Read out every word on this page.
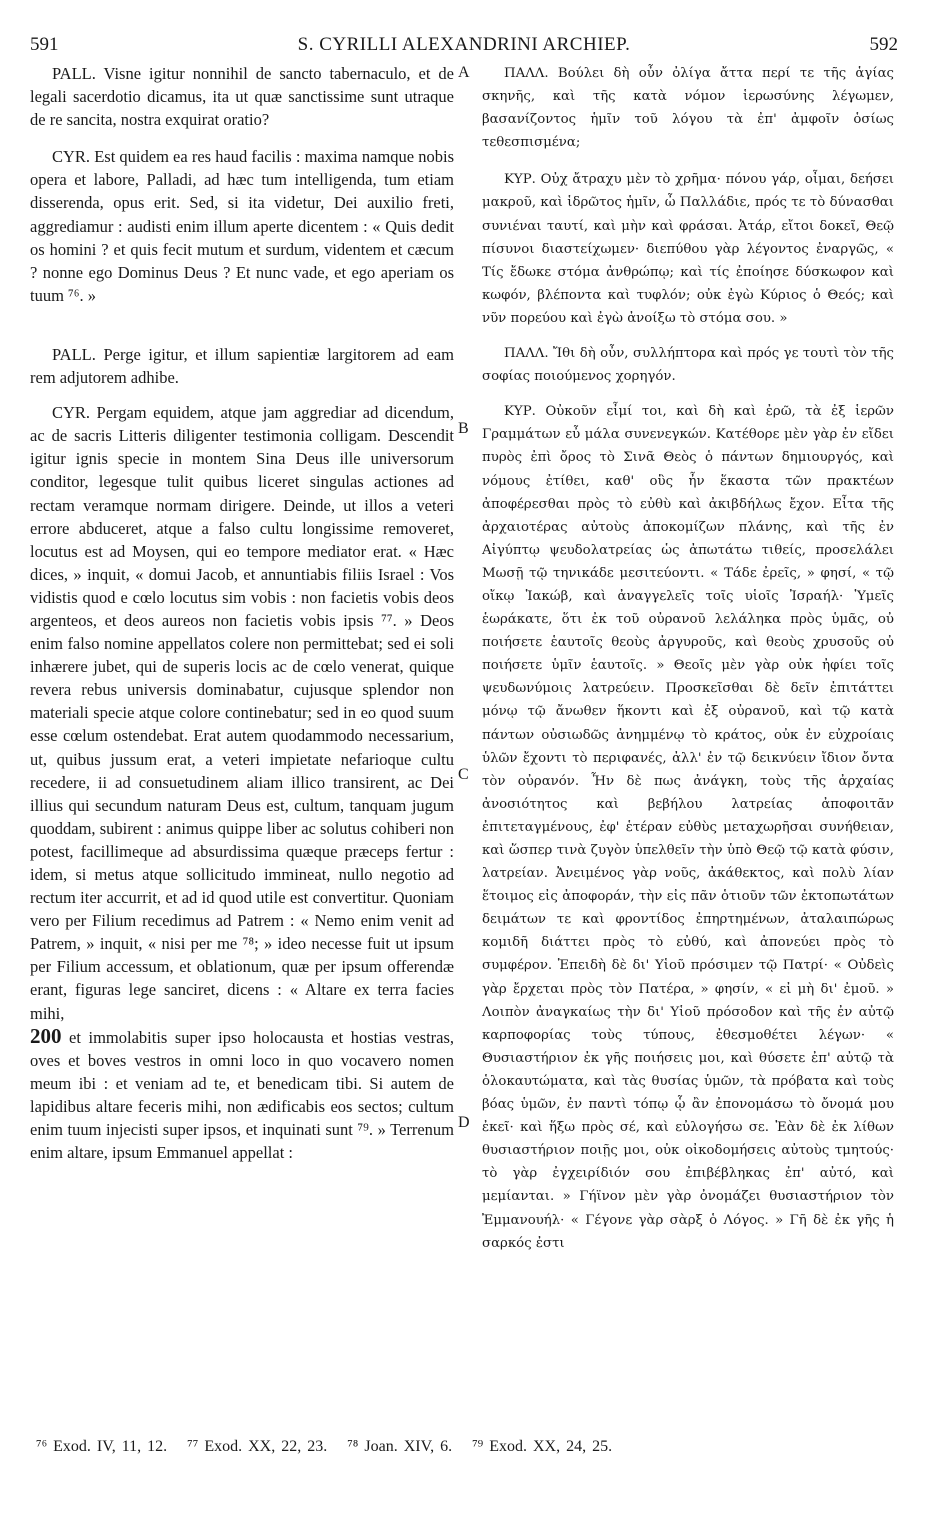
591	S. CYRILLI ALEXANDRINI ARCHIEP.	592

PALL. Visne igitur nonnihil de sancto tabernaculo, et de legali sacerdotio dicamus, ita ut quæ sanctissime sunt utraque de re sancita, nostra exquirat oratio?

CYR. Est quidem ea res haud facilis : maxima namque nobis opera et labore, Palladi, ad hæc tum intelligenda, tum etiam disserenda, opus erit. Sed, si ita videtur, Dei auxilio freti, aggrediamur : audisti enim illum aperte dicentem : « Quis dedit os homini ? et quis fecit mutum et surdum, videntem et cæcum ? nonne ego Dominus Deus ? Et nunc vade, et ego aperiam os tuum ⁷⁶. »

PALL. Perge igitur, et illum sapientiæ largitorem ad eam rem adjutorem adhibe.

CYR. Pergam equidem, atque jam aggrediar ad dicendum, ac de sacris Litteris diligenter testimonia colligam. Descendit igitur ignis specie in montem Sina Deus ille universorum conditor, legesque tulit quibus liceret singulas actiones ad rectam veramque normam dirigere. Deinde, ut illos a veteri errore abduceret, atque a falso cultu longissime removeret, locutus est ad Moysen, qui eo tempore mediator erat. « Hæc dices, » inquit, « domui Jacob, et annuntiabis filiis Israel : Vos vidistis quod e cœlo locutus sim vobis : non facietis vobis deos argenteos, et deos aureos non facietis vobis ipsis ⁷⁷. » Deos enim falso nomine appellatos colere non permittebat; sed ei soli inhærere jubet, qui de superis locis ac de cœlo venerat, quique revera rebus universis dominabatur, cujusque splendor non materiali specie atque colore continebatur; sed in eo quod suum esse cœlum ostendebat. Erat autem quodammodo necessarium, ut, quibus jussum erat, a veteri impietate nefarioque cultu recedere, ii ad consuetudinem aliam illico transirent, ac Dei illius qui secundum naturam Deus est, cultum, tanquam jugum quoddam, subirent : animus quippe liber ac solutus cohiberi non potest, facillimeque ad absurdissima quæque præceps fertur : idem, si metus atque sollicitudo immineat, nullo negotio ad rectum iter accurrit, et ad id quod utile est convertitur. Quoniam vero per Filium recedimus ad Patrem : « Nemo enim venit ad Patrem, » inquit, « nisi per me ⁷⁸; » ideo necesse fuit ut ipsum per Filium accessum, et oblationum, quæ per ipsum offerendæ erant, figuras lege sanciret, dicens : « Altare ex terra facies mihi,

200 et immolabitis super ipso holocausta et hostias vestras, oves et boves vestros in omni loco in quo vocavero nomen meum ibi : et veniam ad te, et benedicam tibi. Si autem de lapidibus altare feceris mihi, non ædificabis eos sectos; cultum enim tuum injecisti super ipsos, et inquinati sunt ⁷⁹. » Terrenum enim altare, ipsum Emmanuel appellat :

A
B
C
D

ΠΑΛΛ. Βούλει δὴ οὖν ὀλίγα ἄττα περί τε τῆς ἁγίας σκηνῆς, καὶ τῆς κατὰ νόμον ἱερωσύνης λέγωμεν, βασανίζοντος ἡμῖν τοῦ λόγου τὰ ἐπ' ἀμφοῖν ὁσίως τεθεσπισμένα;

ΚΥΡ. Οὐχ ἄτραχυ μὲν τὸ χρῆμα· πόνου γάρ, οἶμαι, δεήσει μακροῦ, καὶ ἱδρῶτος ἡμῖν, ὦ Παλλάδιε, πρός τε τὸ δύνασθαι συνιέναι ταυτί, καὶ μὴν καὶ φράσαι. Ἀτάρ, εἴτοι δοκεῖ, Θεῷ πίσυνοι διαστείχωμεν· διεπύθου γὰρ λέγοντος ἐναργῶς, « Τίς ἔδωκε στόμα ἀνθρώπῳ; καὶ τίς ἐποίησε δύσκωφον καὶ κωφόν, βλέποντα καὶ τυφλόν; οὐκ ἐγὼ Κύριος ὁ Θεός; καὶ νῦν πορεύου καὶ ἐγὼ ἀνοίξω τὸ στόμα σου. »

ΠΑΛΛ. Ἴθι δὴ οὖν, συλλήπτορα καὶ πρός γε τουτὶ τὸν τῆς σοφίας ποιούμενος χορηγόν.

ΚΥΡ. Οὐκοῦν εἶμί τοι, καὶ δὴ καὶ ἐρῶ, τὰ ἐξ ἱερῶν Γραμμάτων εὖ μάλα συνενεγκών. Κατέθορε μὲν γὰρ ἐν εἴδει πυρὸς ἐπὶ ὄρος τὸ Σινᾶ Θεὸς ὁ πάντων δημιουργός, καὶ νόμους ἐτίθει, καθ' οὓς ἦν ἕκαστα τῶν πρακτέων ἀποφέρεσθαι πρὸς τὸ εὐθὺ καὶ ἀκιβδήλως ἔχον. Εἶτα τῆς ἀρχαιοτέρας αὐτοὺς ἀποκομίζων πλάνης, καὶ τῆς ἐν Αἰγύπτῳ ψευδολατρείας ὡς ἀπωτάτω τιθείς, προσελάλει Μωσῇ τῷ τηνικάδε μεσιτεύοντι. « Τάδε ἐρεῖς, » φησί, « τῷ οἴκῳ Ἰακώβ, καὶ ἀναγγελεῖς τοῖς υἱοῖς Ἰσραήλ· Ὑμεῖς ἑωράκατε, ὅτι ἐκ τοῦ οὐρανοῦ λελάληκα πρὸς ὑμᾶς, οὐ ποιήσετε ἑαυτοῖς θεοὺς ἀργυροῦς, καὶ θεοὺς χρυσοῦς οὐ ποιήσετε ὑμῖν ἑαυτοῖς. » Θεοῖς μὲν γὰρ οὐκ ἠφίει τοῖς ψευδωνύμοις λατρεύειν. Προσκεῖσθαι δὲ δεῖν ἐπιτάττει μόνῳ τῷ ἄνωθεν ἥκοντι καὶ ἐξ οὐρανοῦ, καὶ τῷ κατὰ πάντων οὐσιωδῶς ἀνημμένῳ τὸ κράτος, οὐκ ἐν εὐχροίαις ὑλῶν ἔχοντι τὸ περιφανές, ἀλλ' ἐν τῷ δεικνύειν ἴδιον ὄντα τὸν οὐρανόν. Ἦν δὲ πως ἀνάγκη, τοὺς τῆς ἀρχαίας ἀνοσιότητος καὶ βεβήλου λατρείας ἀποφοιτᾶν ἐπιτεταγμένους, ἐφ' ἑτέραν εὐθὺς μεταχωρῆσαι συνήθειαν, καὶ ὥσπερ τινὰ ζυγὸν ὑπελθεῖν τὴν ὑπὸ Θεῷ τῷ κατὰ φύσιν, λατρείαν. Ἀνειμένος γὰρ νοῦς, ἀκάθεκτος, καὶ πολὺ λίαν ἕτοιμος εἰς ἀποφοράν, τὴν εἰς πᾶν ὁτιοῦν τῶν ἐκτοπωτάτων δειμάτων τε καὶ φροντίδος ἐπηρτημένων, ἀταλαιπώρως κομιδῆ διάττει πρὸς τὸ εὐθύ, καὶ ἀπονεύει πρὸς τὸ συμφέρον. Ἐπειδὴ δὲ δι' Υἱοῦ πρόσιμεν τῷ Πατρί· « Οὐδεὶς γὰρ ἔρχεται πρὸς τὸν Πατέρα, » φησίν, « εἰ μὴ δι' ἐμοῦ. » Λοιπὸν ἀναγκαίως τὴν δι' Υἱοῦ πρόσοδον καὶ τῆς ἐν αὐτῷ καρποφορίας τοὺς τύπους, ἐθεσμοθέτει λέγων· « Θυσιαστήριον ἐκ γῆς ποιήσεις μοι, καὶ θύσετε ἐπ' αὐτῷ τὰ ὁλοκαυτώματα, καὶ τὰς θυσίας ὑμῶν, τὰ πρόβατα καὶ τοὺς βόας ὑμῶν, ἐν παντὶ τόπῳ ᾧ ἂν ἐπονομάσω τὸ ὄνομά μου ἐκεῖ· καὶ ἥξω πρὸς σέ, καὶ εὐλογήσω σε. Ἐὰν δὲ ἐκ λίθων θυσιαστήριον ποιῇς μοι, οὐκ οἰκοδομήσεις αὐτοὺς τμητούς· τὸ γὰρ ἐγχειρίδιόν σου ἐπιβέβληκας ἐπ' αὐτό, καὶ μεμίανται. » Γήϊνον μὲν γὰρ ὀνομάζει θυσιαστήριον τὸν Ἐμμανουήλ· « Γέγονε γὰρ σὰρξ ὁ Λόγος. » Γῆ δὲ ἐκ γῆς ἡ σαρκός ἐστι

⁷⁶ Exod. IV, 11, 12. ⁷⁷ Exod. XX, 22, 23. ⁷⁸ Joan. XIV, 6. ⁷⁹ Exod. XX, 24, 25.
